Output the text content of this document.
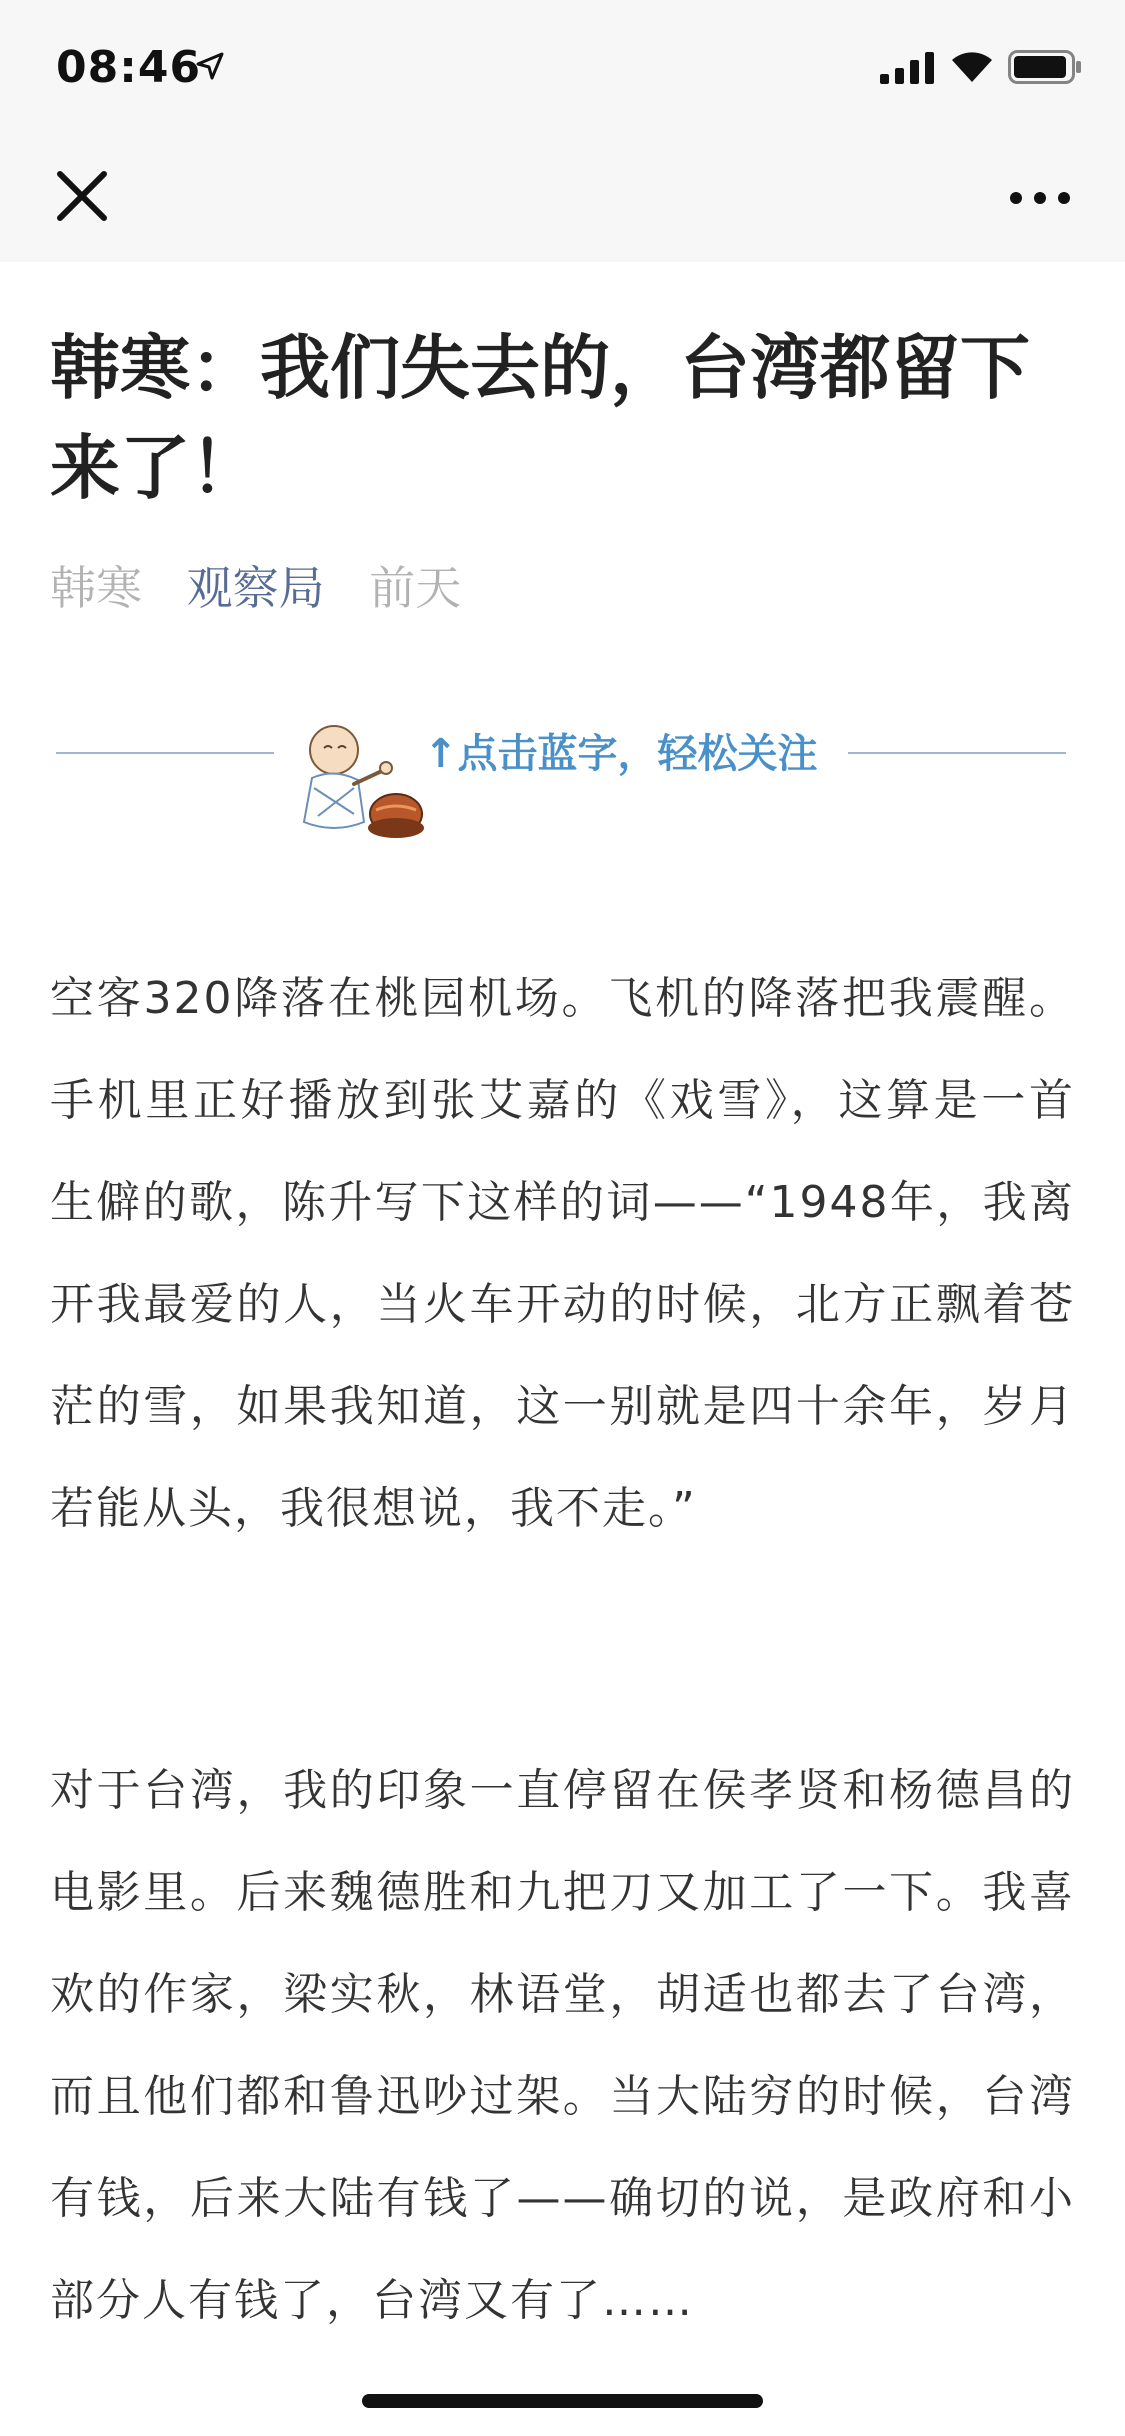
08:46
韩寒：我们失去的，台湾都留下来了！
韩寒 观察局 前天
↑点击蓝字，轻松关注

空客320降落在桃园机场。飞机的降落把我震醒。手机里正好播放到张艾嘉的《戏雪》，这算是一首生僻的歌，陈升写下这样的词——“1948年，我离开我最爱的人，当火车开动的时候，北方正飘着苍茫的雪，如果我知道，这一别就是四十余年，岁月若能从头，我很想说，我不走。”

对于台湾，我的印象一直停留在侯孝贤和杨德昌的电影里。后来魏德胜和九把刀又加工了一下。我喜欢的作家，梁实秋，林语堂，胡适也都去了台湾，而且他们都和鲁迅吵过架。当大陆穷的时候，台湾有钱，后来大陆有钱了——确切的说，是政府和小部分人有钱了，台湾又有了……
